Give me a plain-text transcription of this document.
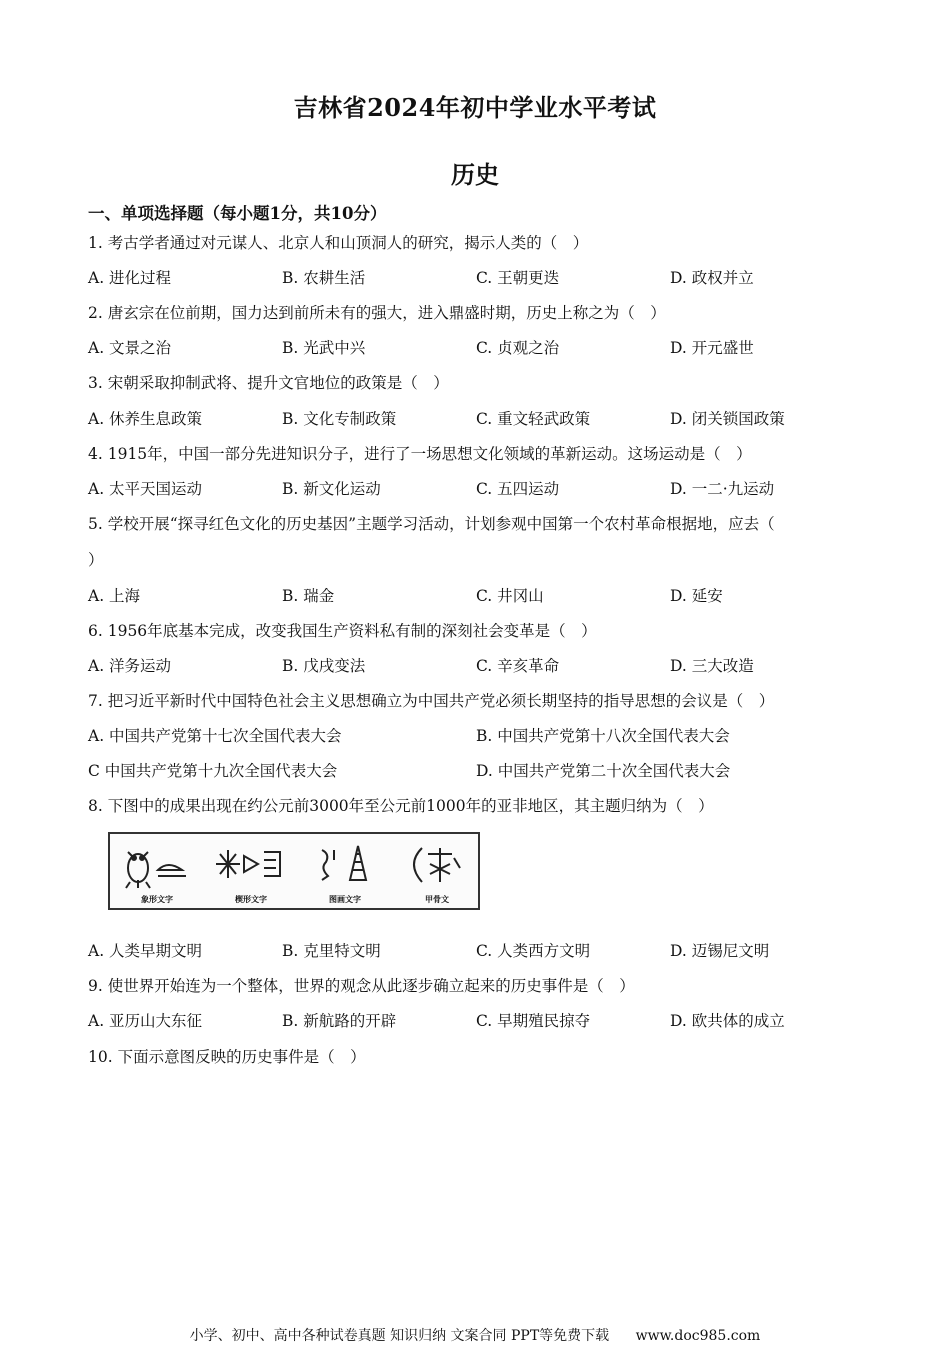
吉林省2024年初中学业水平考试
历史
一、单项选择题（每小题1分，共10分）
1. 考古学者通过对元谋人、北京人和山顶洞人的研究，揭示人类的（　）
A. 进化过程	B. 农耕生活	C. 王朝更迭	D. 政权并立
2. 唐玄宗在位前期，国力达到前所未有的强大，进入鼎盛时期，历史上称之为（　）
A. 文景之治	B. 光武中兴	C. 贞观之治	D. 开元盛世
3. 宋朝采取抑制武将、提升文官地位的政策是（　）
A. 休养生息政策	B. 文化专制政策	C. 重文轻武政策	D. 闭关锁国政策
4. 1915年，中国一部分先进知识分子，进行了一场思想文化领域的革新运动。这场运动是（　）
A. 太平天国运动	B. 新文化运动	C. 五四运动	D. 一二·九运动
5. 学校开展“探寻红色文化的历史基因”主题学习活动，计划参观中国第一个农村革命根据地，应去（
）
A. 上海	B. 瑞金	C. 井冈山	D. 延安
6. 1956年底基本完成，改变我国生产资料私有制的深刻社会变革是（　）
A. 洋务运动	B. 戊戌变法	C. 辛亥革命	D. 三大改造
7. 把习近平新时代中国特色社会主义思想确立为中国共产党必须长期坚持的指导思想的会议是（　）
A. 中国共产党第十七次全国代表大会	B. 中国共产党第十八次全国代表大会
C 中国共产党第十九次全国代表大会	D. 中国共产党第二十次全国代表大会
8. 下图中的成果出现在约公元前3000年至公元前1000年的亚非地区，其主题归纳为（　）
象形文字	楔形文字	图画文字	甲骨文
A. 人类早期文明	B. 克里特文明	C. 人类西方文明	D. 迈锡尼文明
9. 使世界开始连为一个整体，世界的观念从此逐步确立起来的历史事件是（　）
A. 亚历山大东征	B. 新航路的开辟	C. 早期殖民掠夺	D. 欧共体的成立
10. 下面示意图反映的历史事件是（　）
小学、初中、高中各种试卷真题 知识归纳 文案合同 PPT等免费下载 www.doc985.com
